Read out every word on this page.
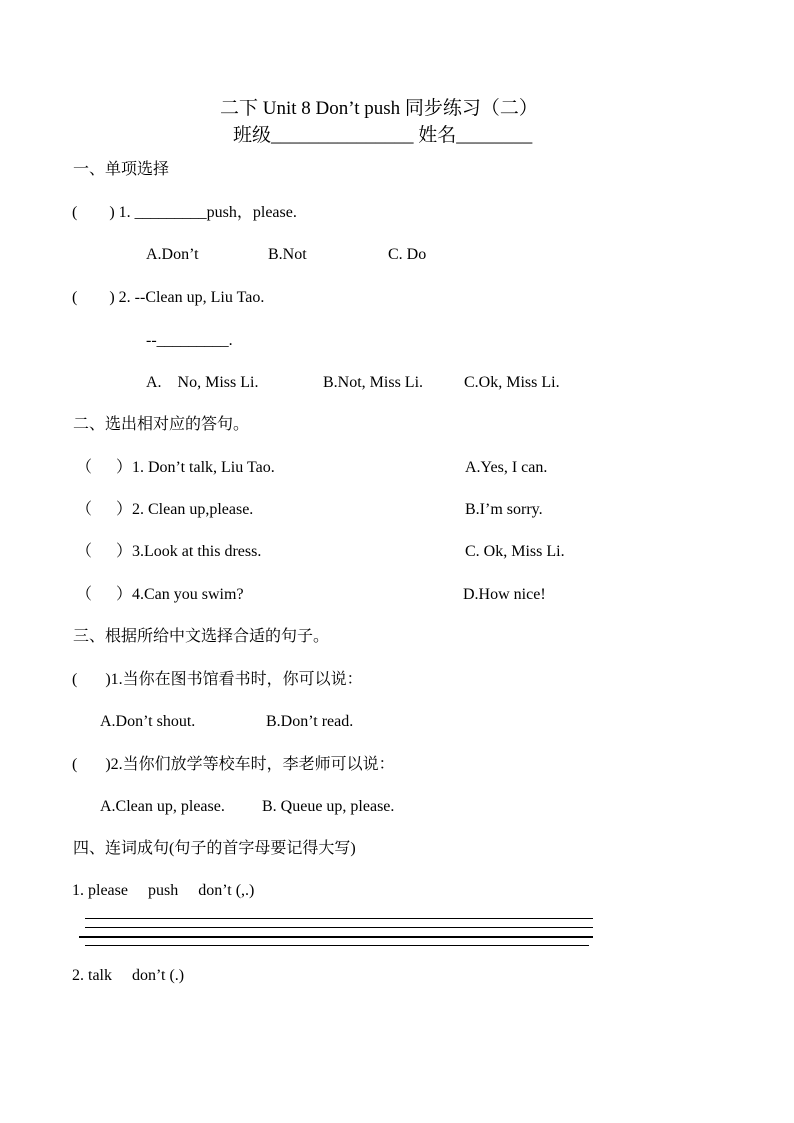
二下 Unit 8 Don’t push 同步练习（二）
班级_______________ 姓名________
一、单项选择
(        ) 1. _________push，please.
A.Don’t	B.Not	C. Do
(        ) 2. --Clean up, Liu Tao.
--_________.
A.    No, Miss Li.	B.Not, Miss Li.	C.Ok, Miss Li.
二、选出相对应的答句。
（      ）1. Don’t talk, Liu Tao.	A.Yes, I can.
（      ）2. Clean up,please.	B.I’m sorry.
（      ）3.Look at this dress.	C. Ok, Miss Li.
（      ）4.Can you swim?	D.How nice!
三、根据所给中文选择合适的句子。
(       )1.当你在图书馆看书时，你可以说：
A.Don’t shout.	B.Don’t read.
(       )2.当你们放学等校车时，李老师可以说：
A.Clean up, please. B. Queue up, please.
四、连词成句(句子的首字母要记得大写)
1. please     push     don’t (,.)
2. talk     don’t (.)
